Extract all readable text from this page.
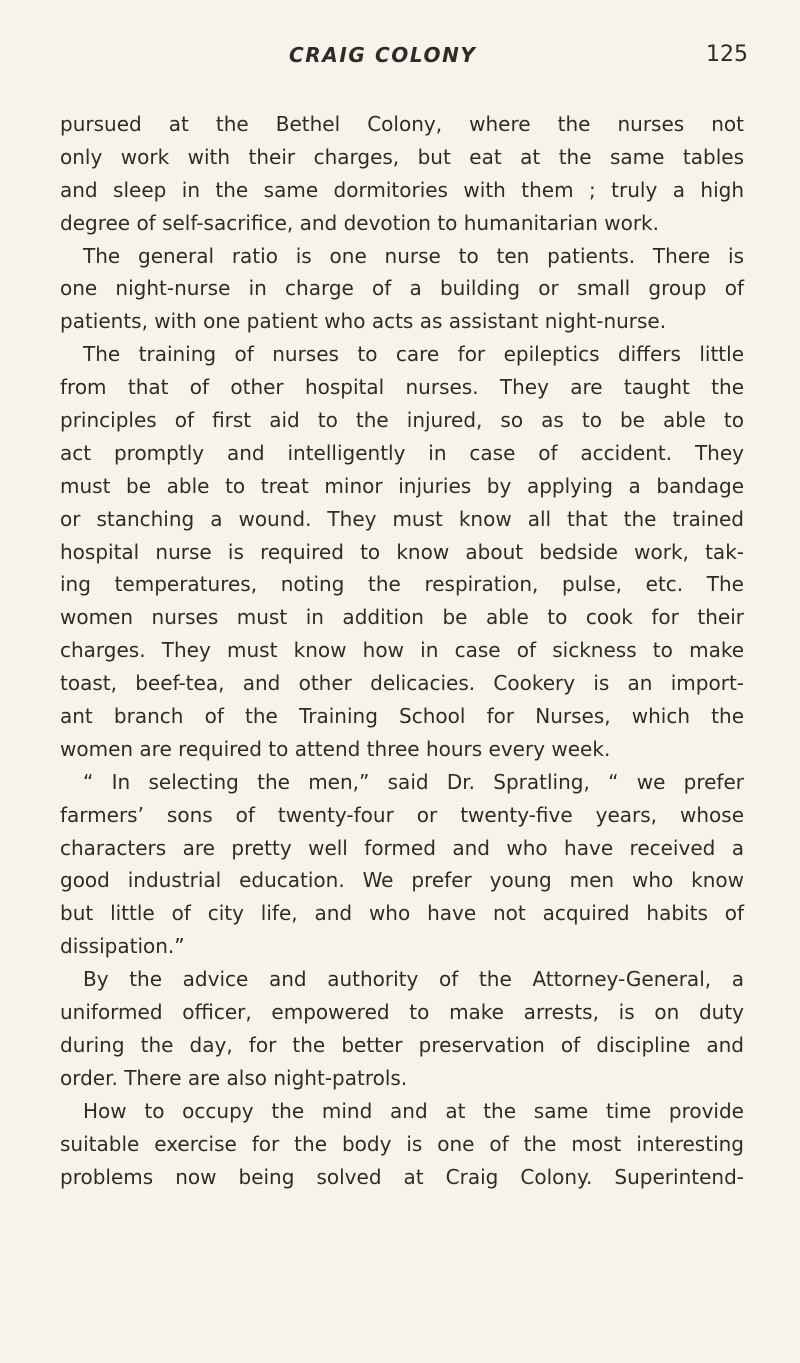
CRAIG COLONY	125
pursued at the Bethel Colony, where the nurses not
only work with their charges, but eat at the same tables
and sleep in the same dormitories with them ; truly a high
degree of self-sacrifice, and devotion to humanitarian work.
The general ratio is one nurse to ten patients. There is
one night-nurse in charge of a building or small group of
patients, with one patient who acts as assistant night-nurse.
The training of nurses to care for epileptics differs little
from that of other hospital nurses. They are taught the
principles of first aid to the injured, so as to be able to
act promptly and intelligently in case of accident. They
must be able to treat minor injuries by applying a bandage
or stanching a wound. They must know all that the trained
hospital nurse is required to know about bedside work, tak-
ing temperatures, noting the respiration, pulse, etc. The
women nurses must in addition be able to cook for their
charges. They must know how in case of sickness to make
toast, beef-tea, and other delicacies. Cookery is an import-
ant branch of the Training School for Nurses, which the
women are required to attend three hours every week.
“ In selecting the men,” said Dr. Spratling, “ we prefer
farmers’ sons of twenty-four or twenty-five years, whose
characters are pretty well formed and who have received a
good industrial education. We prefer young men who know
but little of city life, and who have not acquired habits of
dissipation.”
By the advice and authority of the Attorney-General, a
uniformed officer, empowered to make arrests, is on duty
during the day, for the better preservation of discipline and
order. There are also night-patrols.
How to occupy the mind and at the same time provide
suitable exercise for the body is one of the most interesting
problems now being solved at Craig Colony. Superintend-
